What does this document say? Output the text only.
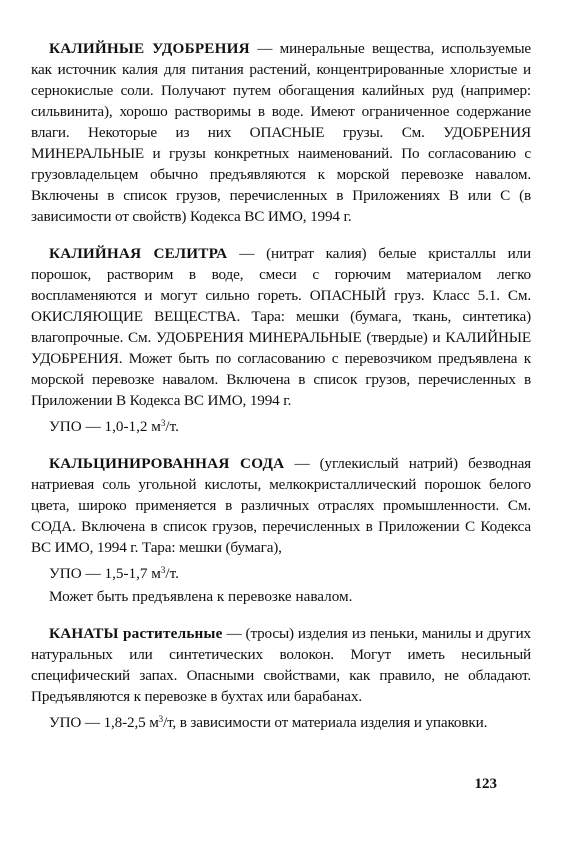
КАЛИЙНЫЕ УДОБРЕНИЯ — минеральные вещества, используемые как источник калия для питания растений, концентрированные хлористые и сернокислые соли. Получают путем обогащения калийных руд (например: сильвинита), хорошо растворимы в воде. Имеют ограниченное содержание влаги. Некоторые из них ОПАСНЫЕ грузы. См. УДОБРЕНИЯ МИНЕРАЛЬНЫЕ и грузы конкретных наименований. По согласованию с грузовладельцем обычно предъявляются к морской перевозке навалом. Включены в список грузов, перечисленных в Приложениях В или С (в зависимости от свойств) Кодекса ВС ИМО, 1994 г.

КАЛИЙНАЯ СЕЛИТРА — (нитрат калия) белые кристаллы или порошок, растворим в воде, смеси с горючим материалом легко воспламеняются и могут сильно гореть. ОПАСНЫЙ груз. Класс 5.1. См. ОКИСЛЯЮЩИЕ ВЕЩЕСТВА. Тара: мешки (бумага, ткань, синтетика) влагопрочные. См. УДОБРЕНИЯ МИНЕРАЛЬНЫЕ (твердые) и КАЛИЙНЫЕ УДОБРЕНИЯ. Может быть по согласованию с перевозчиком предъявлена к морской перевозке навалом. Включена в список грузов, перечисленных в Приложении В Кодекса ВС ИМО, 1994 г.

УПО — 1,0-1,2 $м^3/т$.

КАЛЬЦИНИРОВАННАЯ СОДА — (углекислый натрий) безводная натриевая соль угольной кислоты, мелкокристаллический порошок белого цвета, широко применяется в различных отраслях промышленности. См. СОДА. Включена в список грузов, перечисленных в Приложении С Кодекса ВС ИМО, 1994 г. Тара: мешки (бумага),

УПО — 1,5-1,7 $м^3/т$.

Может быть предъявлена к перевозке навалом.

КАНАТЫ растительные — (тросы) изделия из пеньки, манилы и других натуральных или синтетических волокон. Могут иметь несильный специфический запах. Опасными свойствами, как правило, не обладают. Предъявляются к перевозке в бухтах или барабанах.

УПО — 1,8-2,5 $м^3/т$, в зависимости от материала изделия и упаковки.

123
